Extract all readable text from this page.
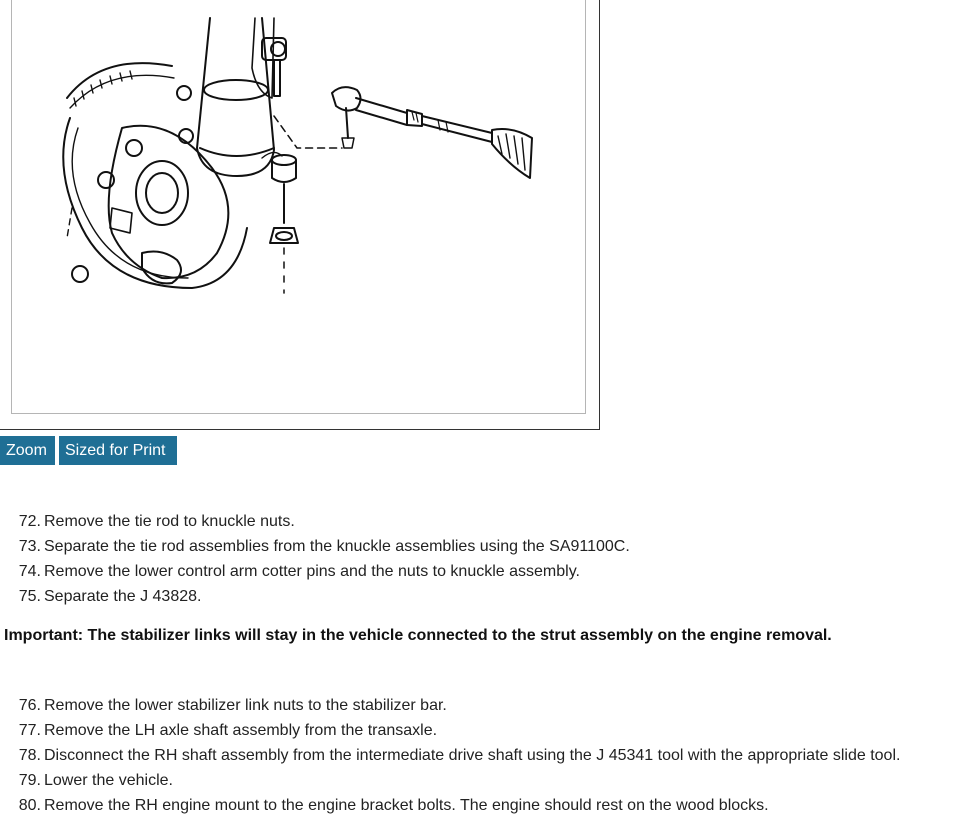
Zoom	Sized for Print
72. Remove the tie rod to knuckle nuts.
73. Separate the tie rod assemblies from the knuckle assemblies using the SA91100C.
74. Remove the lower control arm cotter pins and the nuts to knuckle assembly.
75. Separate the J 43828.
Important: The stabilizer links will stay in the vehicle connected to the strut assembly on the engine removal.
76. Remove the lower stabilizer link nuts to the stabilizer bar.
77. Remove the LH axle shaft assembly from the transaxle.
78. Disconnect the RH shaft assembly from the intermediate drive shaft using the J 45341 tool with the appropriate slide tool.
79. Lower the vehicle.
80. Remove the RH engine mount to the engine bracket bolts. The engine should rest on the wood blocks.
